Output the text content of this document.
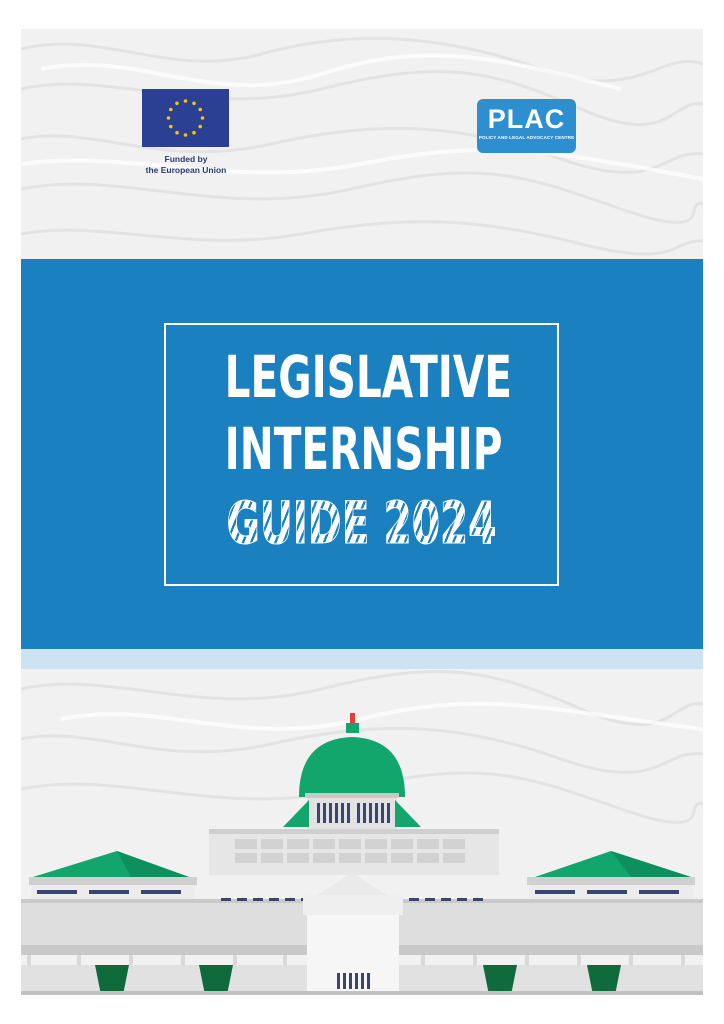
Funded by
the European Union
PLAC
POLICY AND LEGAL ADVOCACY CENTRE
LEGISLATIVE
INTERNSHIP
GUIDE 2024
